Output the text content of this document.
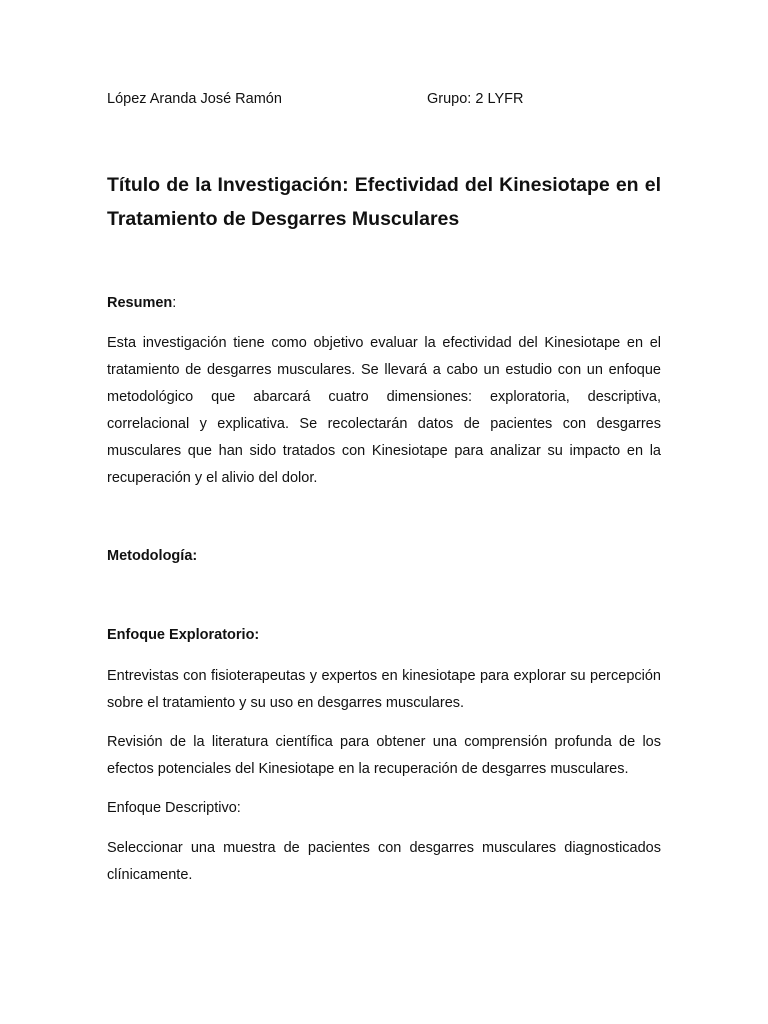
López Aranda José Ramón	Grupo: 2 LYFR
Título de la Investigación: Efectividad del Kinesiotape en el Tratamiento de Desgarres Musculares

Resumen:

Esta investigación tiene como objetivo evaluar la efectividad del Kinesiotape en el tratamiento de desgarres musculares. Se llevará a cabo un estudio con un enfoque metodológico que abarcará cuatro dimensiones: exploratoria, descriptiva, correlacional y explicativa. Se recolectarán datos de pacientes con desgarres musculares que han sido tratados con Kinesiotape para analizar su impacto en la recuperación y el alivio del dolor.

Metodología:

Enfoque Exploratorio:

Entrevistas con fisioterapeutas y expertos en kinesiotape para explorar su percepción sobre el tratamiento y su uso en desgarres musculares.

Revisión de la literatura científica para obtener una comprensión profunda de los efectos potenciales del Kinesiotape en la recuperación de desgarres musculares.

Enfoque Descriptivo:

Seleccionar una muestra de pacientes con desgarres musculares diagnosticados clínicamente.
